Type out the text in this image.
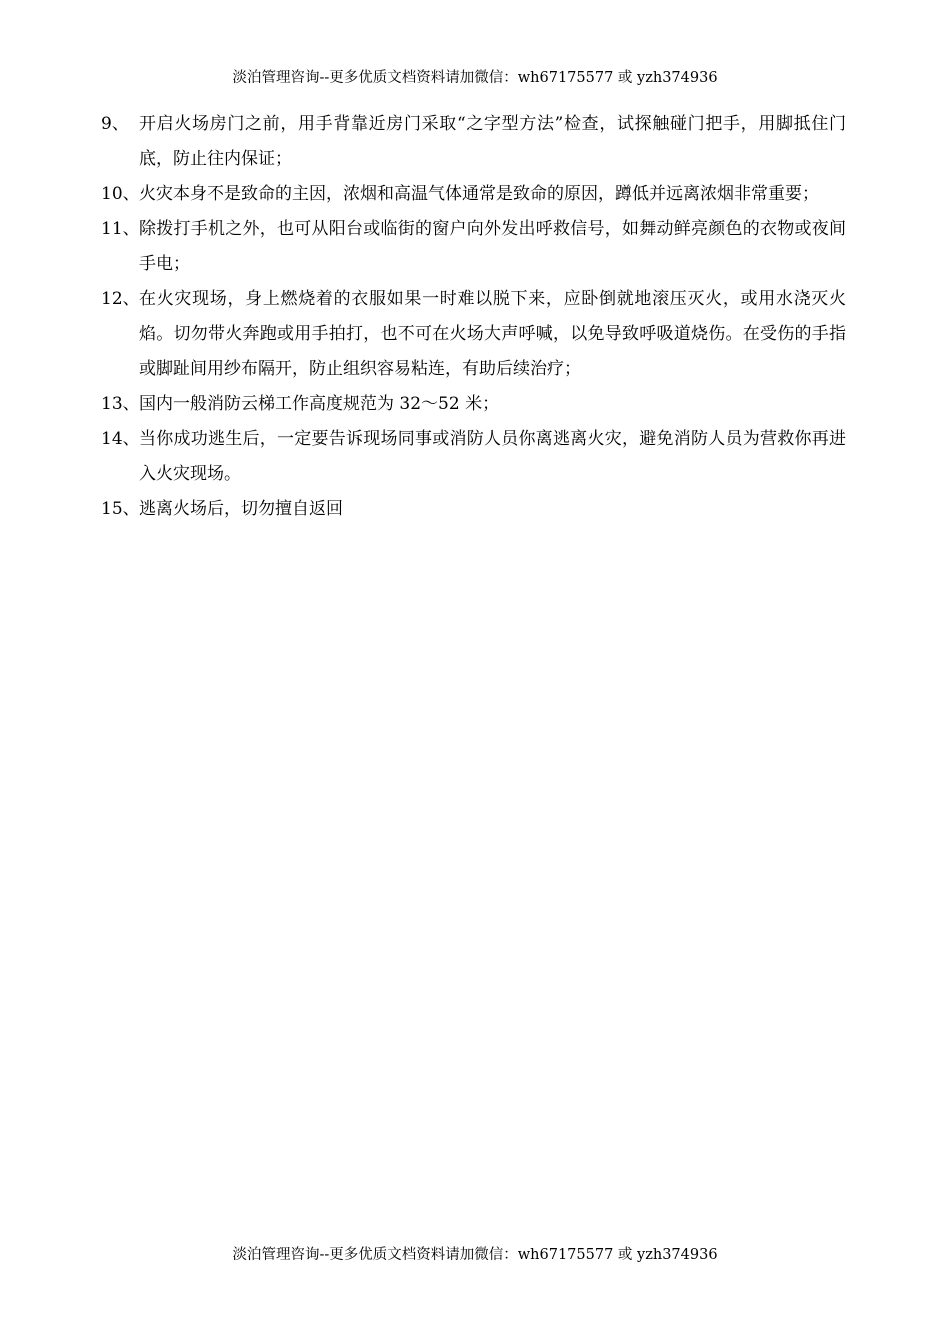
淡泊管理咨询--更多优质文档资料请加微信：wh67175577 或 yzh374936
9、 开启火场房门之前，用手背靠近房门采取“之字型方法”检查，试探触碰门把手，用脚抵住门底，防止往内保证；
10、 火灾本身不是致命的主因，浓烟和高温气体通常是致命的原因，蹲低并远离浓烟非常重要；
11、 除拨打手机之外，也可从阳台或临街的窗户向外发出呼救信号，如舞动鲜亮颜色的衣物或夜间手电；
12、 在火灾现场，身上燃烧着的衣服如果一时难以脱下来，应卧倒就地滚压灭火，或用水浇灭火焰。切勿带火奔跑或用手拍打，也不可在火场大声呼喊，以免导致呼吸道烧伤。在受伤的手指或脚趾间用纱布隔开，防止组织容易粘连，有助后续治疗；
13、 国内一般消防云梯工作高度规范为 32～52 米；
14、 当你成功逃生后，一定要告诉现场同事或消防人员你离逃离火灾，避免消防人员为营救你再进入火灾现场。
15、 逃离火场后，切勿擅自返回
淡泊管理咨询--更多优质文档资料请加微信：wh67175577 或 yzh374936
